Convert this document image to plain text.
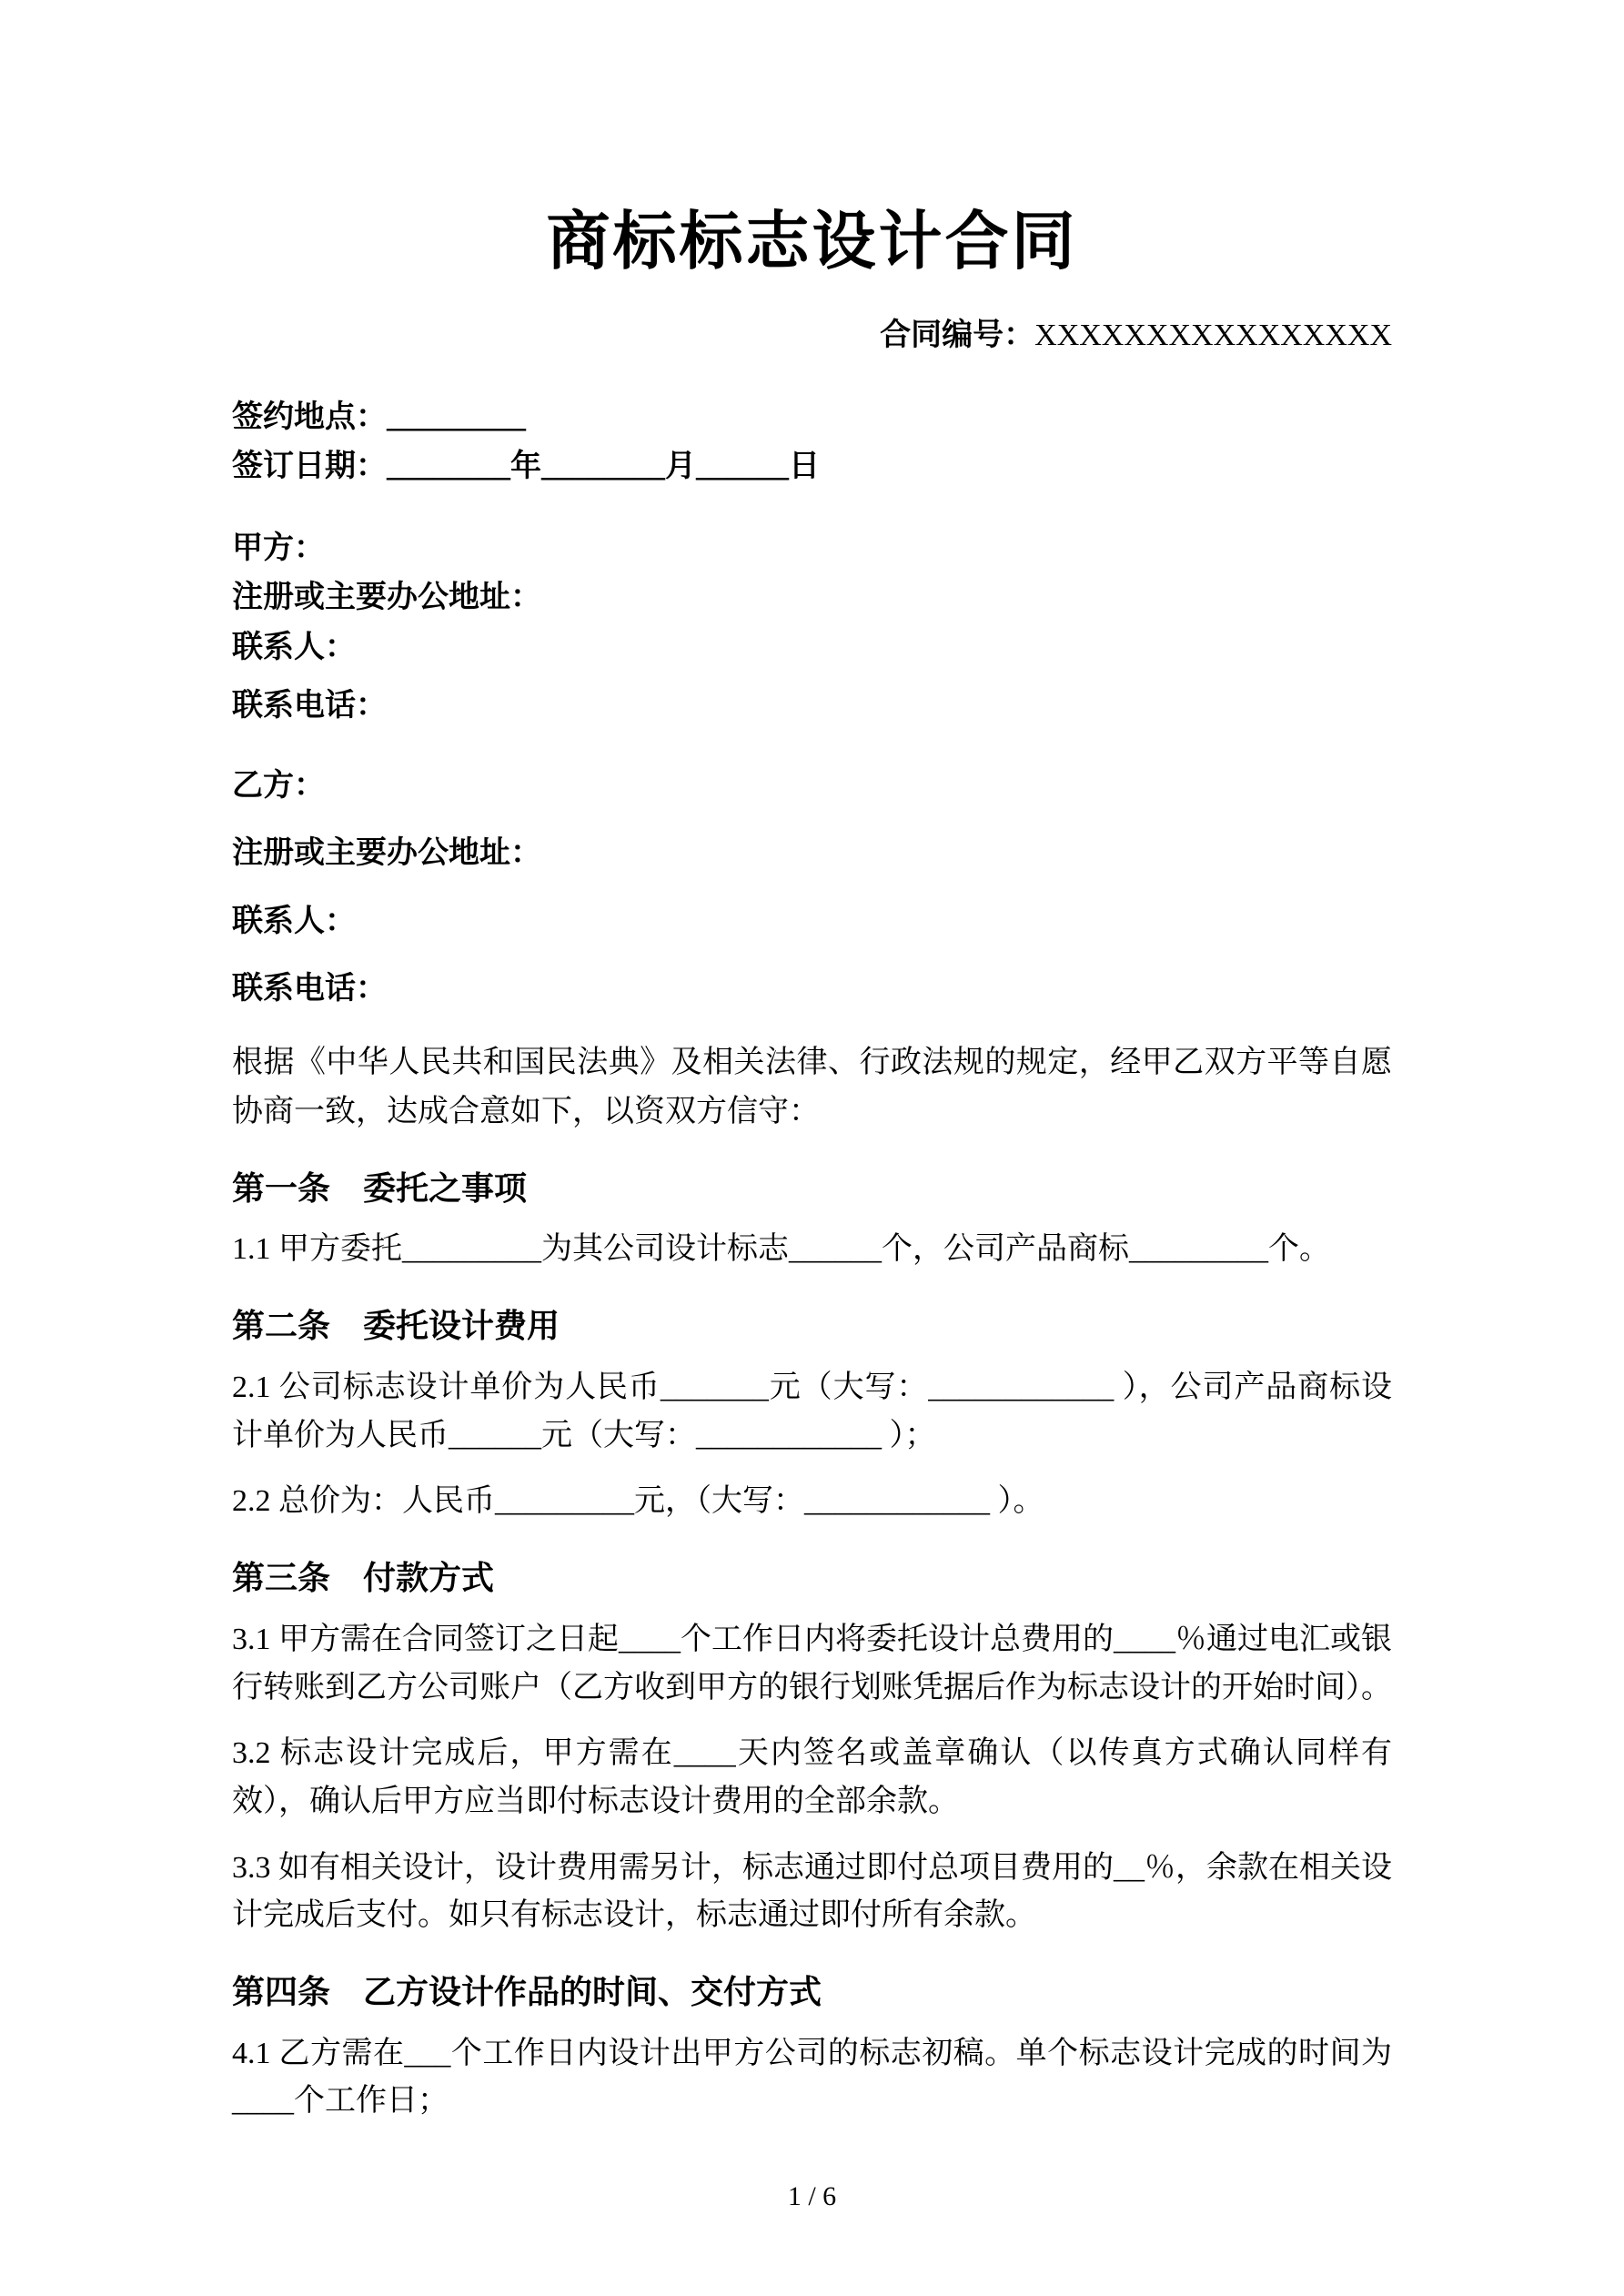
商标标志设计合同
合同编号：XXXXXXXXXXXXXXXX
签约地点：_________
签订日期：________年________月______日
甲方：
注册或主要办公地址：
联系人：
联系电话：
乙方：
注册或主要办公地址：
联系人：
联系电话：

根据《中华人民共和国民法典》及相关法律、行政法规的规定，经甲乙双方平等自愿协商一致，达成合意如下，以资双方信守：

第一条　委托之事项

1.1 甲方委托_________为其公司设计标志______个，公司产品商标_________个。

第二条　委托设计费用

2.1 公司标志设计单价为人民币_______元（大写：____________ ），公司产品商标设计单价为人民币______元（大写：____________ ）；

2.2 总价为：人民币_________元，（大写：____________ ）。

第三条　付款方式

3.1 甲方需在合同签订之日起____个工作日内将委托设计总费用的____％通过电汇或银行转账到乙方公司账户（乙方收到甲方的银行划账凭据后作为标志设计的开始时间）。

3.2 标志设计完成后，甲方需在____天内签名或盖章确认（以传真方式确认同样有效），确认后甲方应当即付标志设计费用的全部余款。

3.3 如有相关设计，设计费用需另计，标志通过即付总项目费用的__％，余款在相关设计完成后支付。如只有标志设计，标志通过即付所有余款。

第四条　乙方设计作品的时间、交付方式

4.1 乙方需在___个工作日内设计出甲方公司的标志初稿。单个标志设计完成的时间为____个工作日；

1 / 6
